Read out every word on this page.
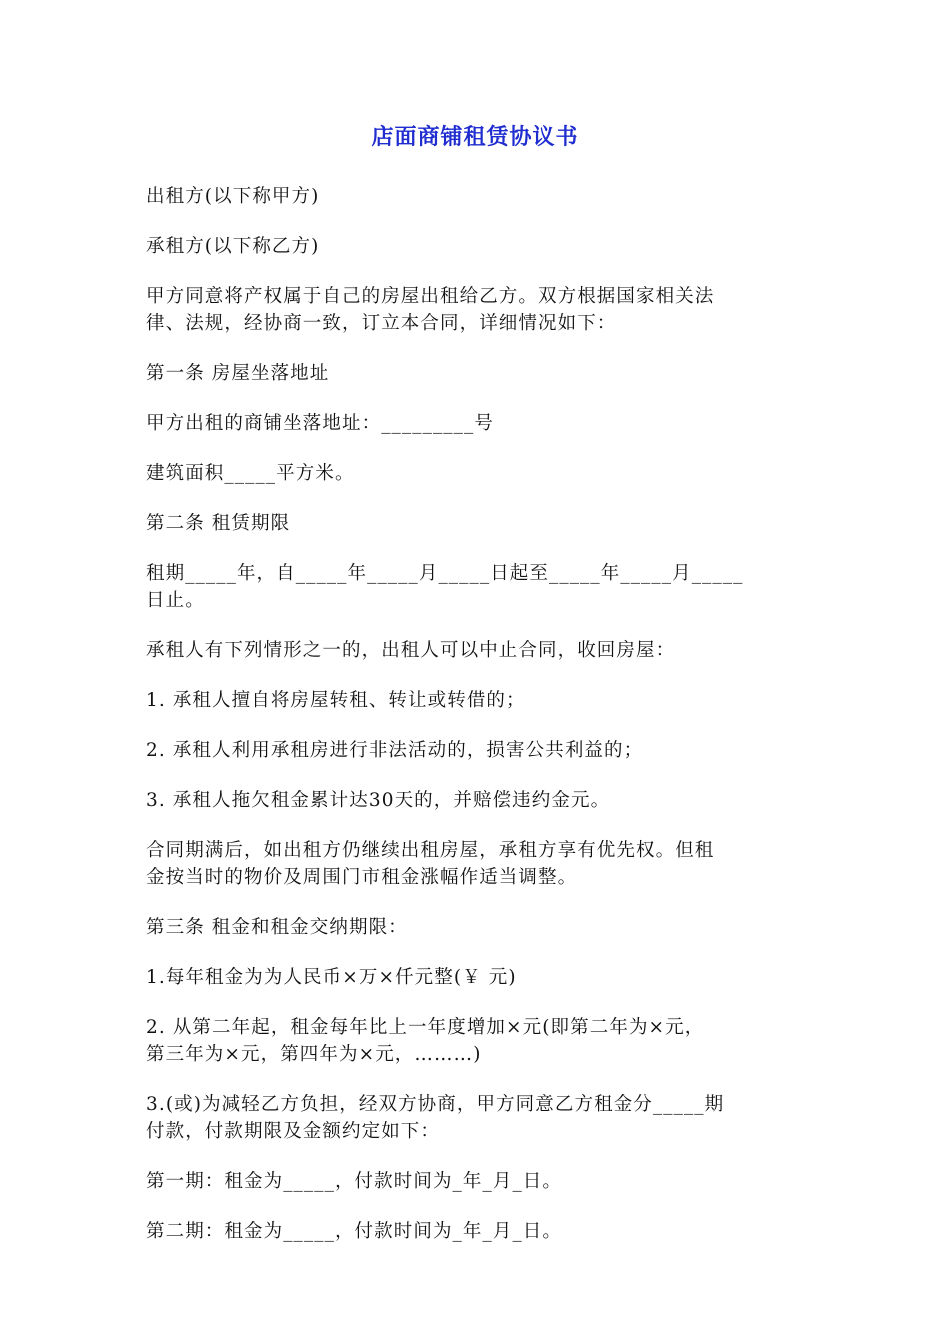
店面商铺租赁协议书
出租方(以下称甲方)
承租方(以下称乙方)
甲方同意将产权属于自己的房屋出租给乙方。双方根据国家相关法
律、法规，经协商一致，订立本合同，详细情况如下：
第一条 房屋坐落地址
甲方出租的商铺坐落地址：_________号
建筑面积_____平方米。
第二条 租赁期限
租期_____年，自_____年_____月_____日起至_____年_____月_____
日止。
承租人有下列情形之一的，出租人可以中止合同，收回房屋：
1. 承租人擅自将房屋转租、转让或转借的；
2. 承租人利用承租房进行非法活动的，损害公共利益的；
3. 承租人拖欠租金累计达30天的，并赔偿违约金元。
合同期满后，如出租方仍继续出租房屋，承租方享有优先权。但租
金按当时的物价及周围门市租金涨幅作适当调整。
第三条 租金和租金交纳期限：
1.每年租金为为人民币×万×仟元整(￥ 元)
2. 从第二年起，租金每年比上一年度增加×元(即第二年为×元，
第三年为×元，第四年为×元，………)
3.(或)为减轻乙方负担，经双方协商，甲方同意乙方租金分_____期
付款，付款期限及金额约定如下：
第一期：租金为_____，付款时间为_年_月_日。
第二期：租金为_____，付款时间为_年_月_日。
